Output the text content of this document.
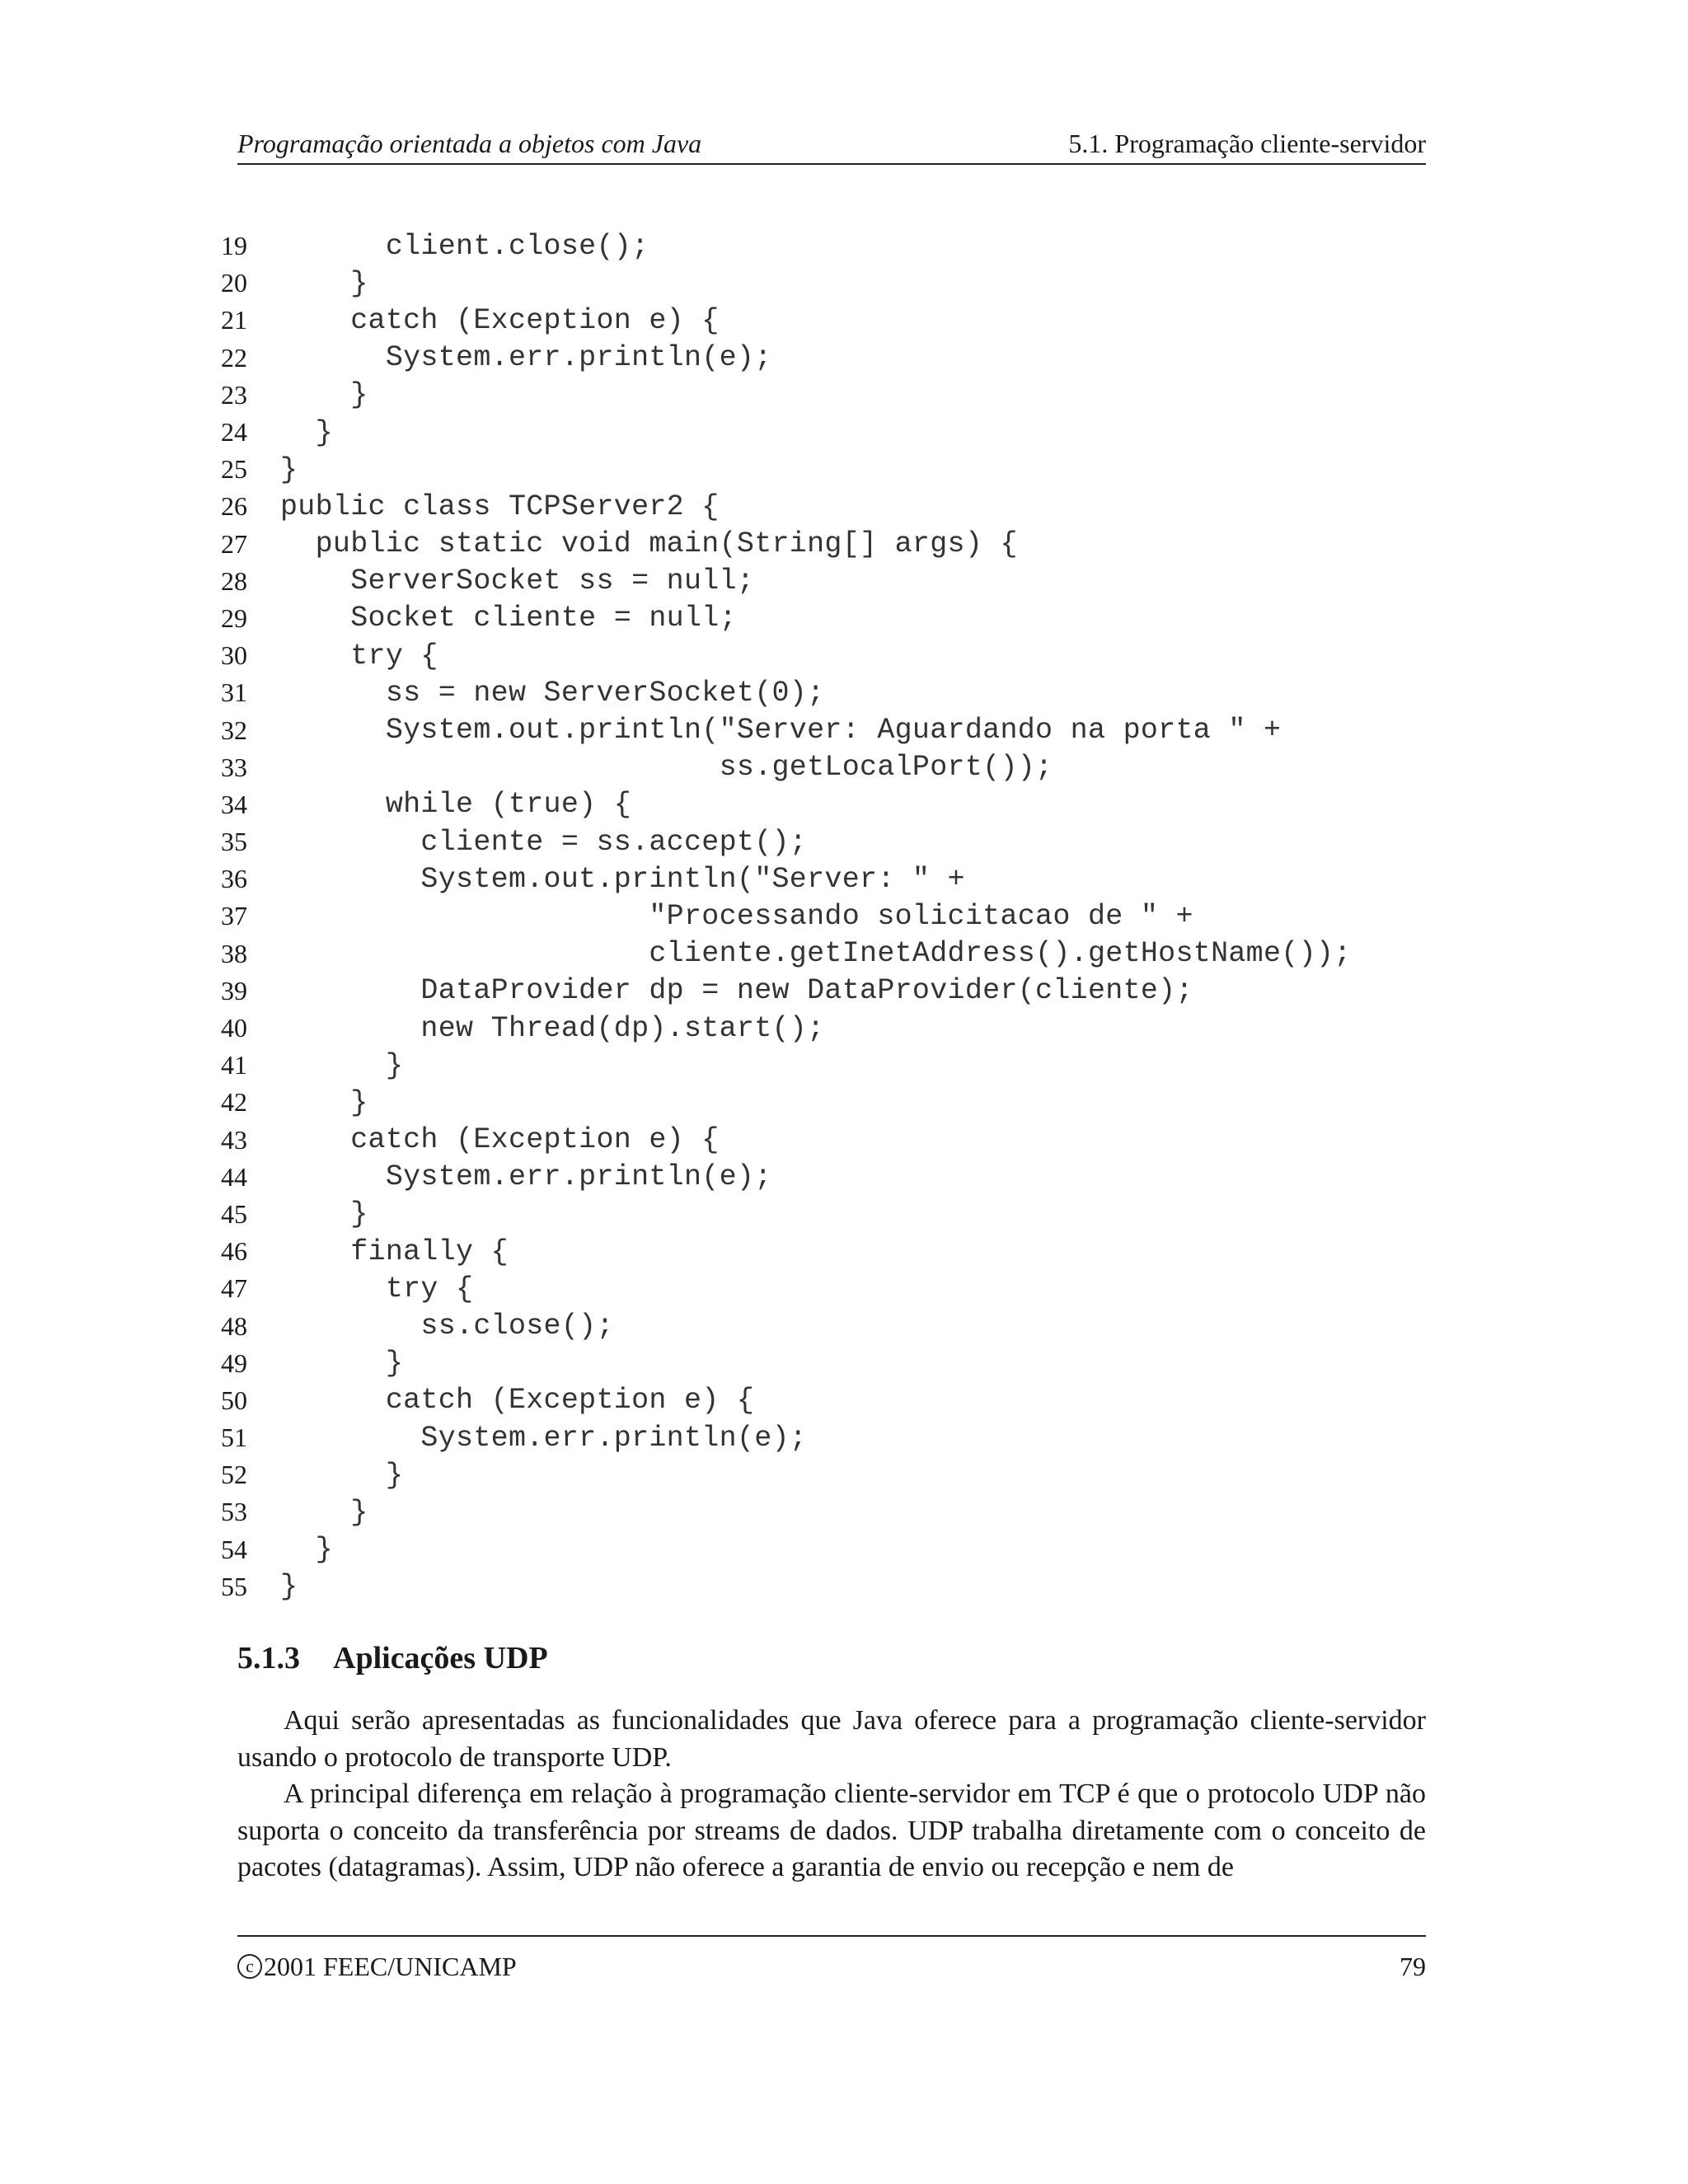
Programação orientada a objetos com Java	5.1. Programação cliente-servidor
19 client.close();
20 }
21 catch (Exception e) {
22 System.err.println(e);
23 }
24 }
25 }
26 public class TCPServer2 {
27 public static void main(String[] args) {
28 ServerSocket ss = null;
29 Socket cliente = null;
30 try {
31 ss = new ServerSocket(0);
32 System.out.println("Server: Aguardando na porta " +
33 ss.getLocalPort());
34 while (true) {
35 cliente = ss.accept();
36 System.out.println("Server: " +
37 "Processando solicitacao de " +
38 cliente.getInetAddress().getHostName());
39 DataProvider dp = new DataProvider(cliente);
40 new Thread(dp).start();
41 }
42 }
43 catch (Exception e) {
44 System.err.println(e);
45 }
46 finally {
47 try {
48 ss.close();
49 }
50 catch (Exception e) {
51 System.err.println(e);
52 }
53 }
54 }
55 }
5.1.3 Aplicações UDP

Aqui serão apresentadas as funcionalidades que Java oferece para a programação cliente-servidor usando o protocolo de transporte UDP.

A principal diferença em relação à programação cliente-servidor em TCP é que o protocolo UDP não suporta o conceito da transferência por streams de dados. UDP trabalha diretamente com o conceito de pacotes (datagramas). Assim, UDP não oferece a garantia de envio ou recepção e nem de

c 2001 FEEC/UNICAMP	79
